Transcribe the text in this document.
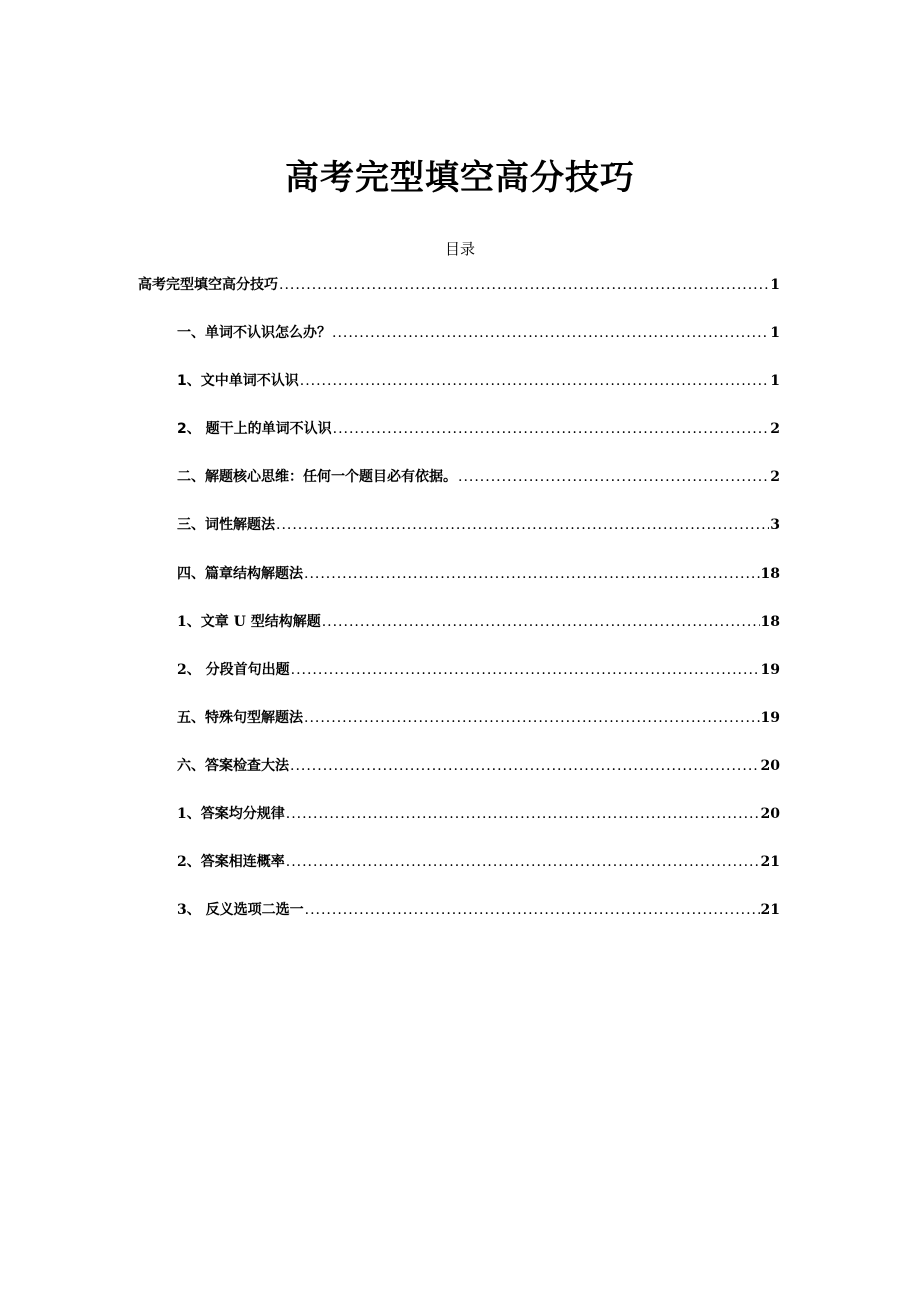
高考完型填空高分技巧
目录
高考完型填空高分技巧 .....	1
一、单词不认识怎么办？ .....	1
1、文中单词不认识 .....	1
2、 题干上的单词不认识 .....	2
二、解题核心思维：任何一个题目必有依据。 .....	2
三、词性解题法 .....	3
四、篇章结构解题法 .....	18
1、文章 U 型结构解题 .....	18
2、 分段首句出题 .....	19
五、特殊句型解题法 .....	19
六、答案检查大法 .....	20
1、答案均分规律 .....	20
2、答案相连概率 .....	21
3、 反义选项二选一 .....	21
